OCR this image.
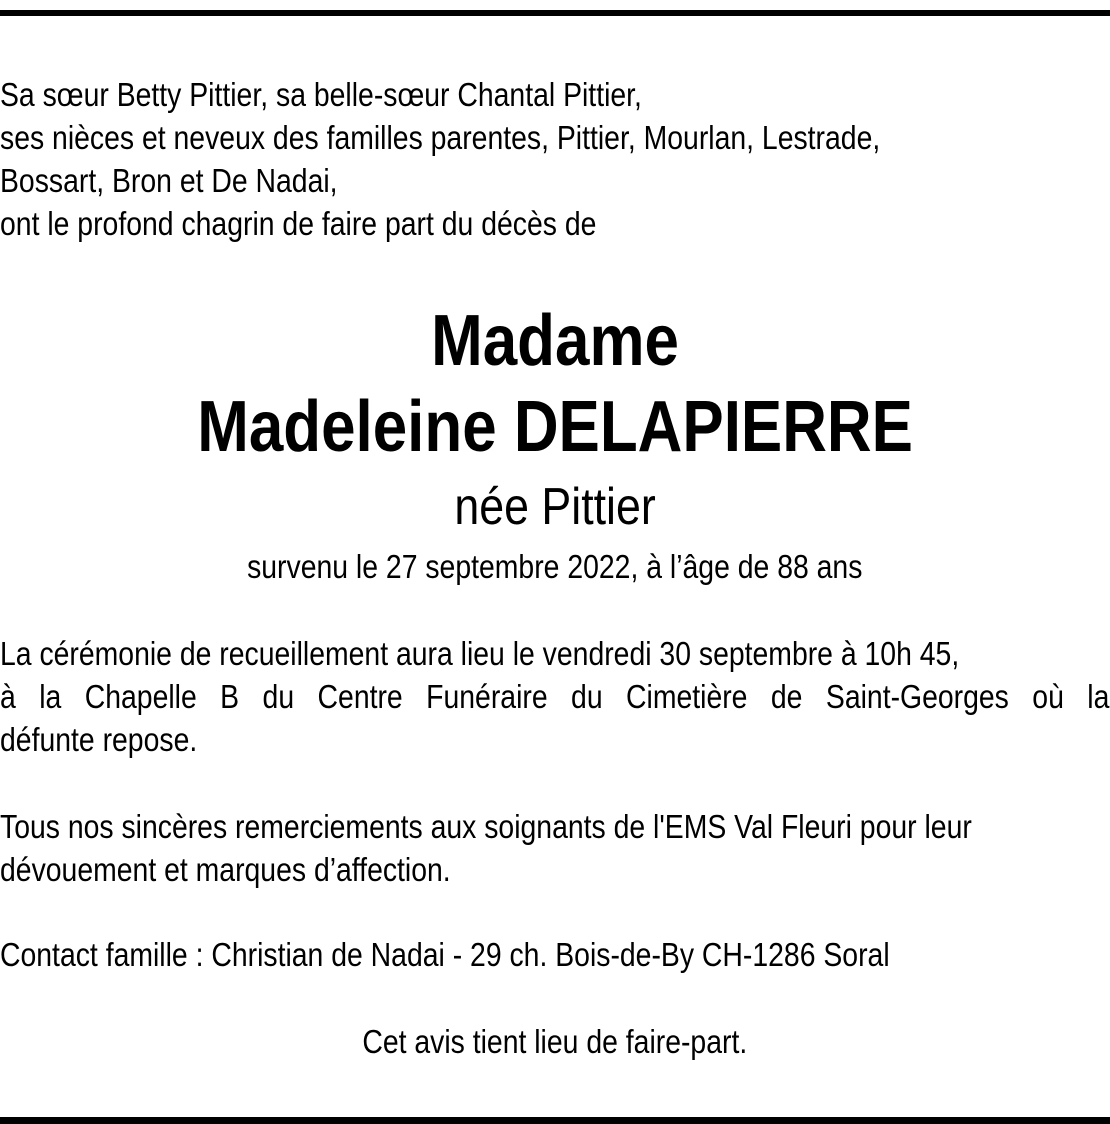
Sa sœur Betty Pittier, sa belle-sœur Chantal Pittier,
ses nièces et neveux des familles parentes, Pittier, Mourlan, Lestrade,
Bossart, Bron et De Nadai,
ont le profond chagrin de faire part du décès de
Madame
Madeleine DELAPIERRE
née Pittier
survenu le 27 septembre 2022, à l’âge de 88 ans
La cérémonie de recueillement aura lieu le vendredi 30 septembre à 10h 45,
à la Chapelle B du Centre Funéraire du Cimetière de Saint-Georges où la
défunte repose.
Tous nos sincères remerciements aux soignants de l'EMS Val Fleuri pour leur
dévouement et marques d’affection.
Contact famille : Christian de Nadai - 29 ch. Bois-de-By CH-1286 Soral
Cet avis tient lieu de faire-part.
